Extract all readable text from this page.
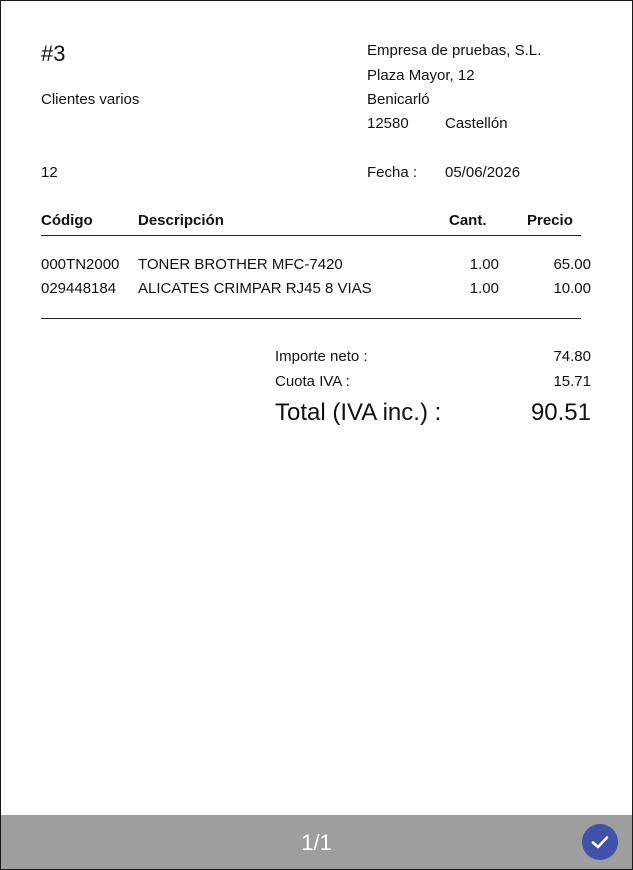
#3
Clientes varios
12
Empresa de pruebas, S.L.
Plaza Mayor, 12
Benicarló
12580 Castellón
Fecha : 05/06/2026
Código	Descripción	Cant.	Precio
000TN2000 TONER BROTHER MFC-7420	1.00	65.00
029448184 ALICATES CRIMPAR RJ45 8 VIAS	1.00	10.00
Importe neto :	74.80
Cuota IVA :	15.71
Total (IVA inc.) :	90.51
1/1
